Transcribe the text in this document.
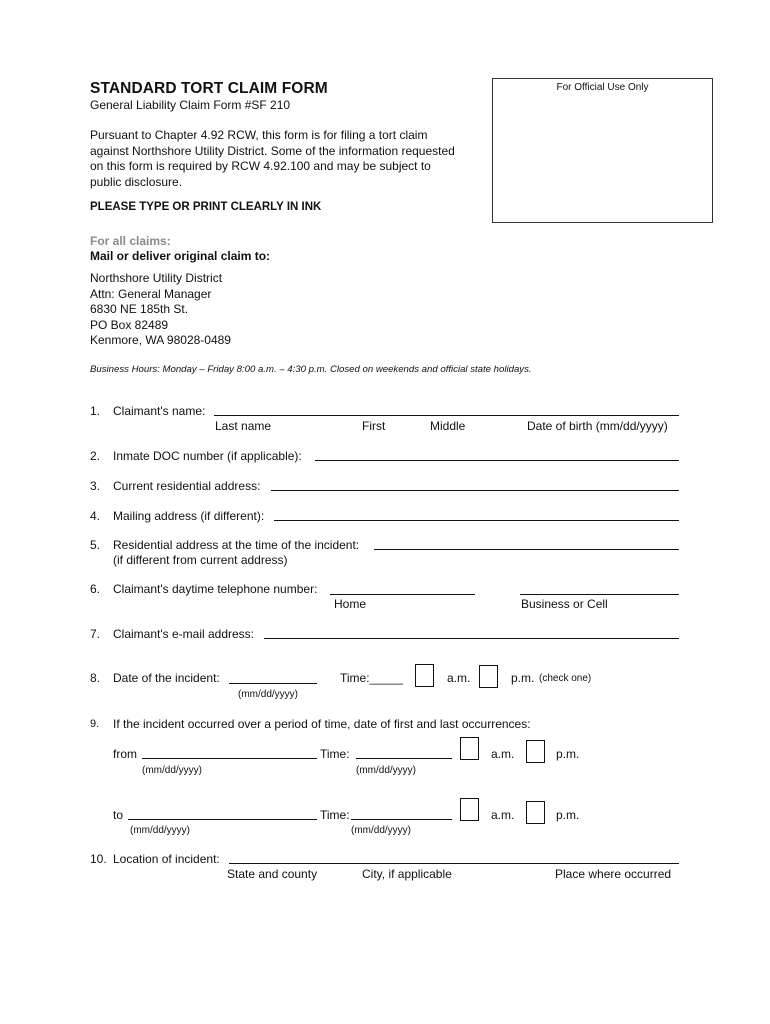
STANDARD TORT CLAIM FORM
General Liability Claim Form #SF 210
Pursuant to Chapter 4.92 RCW, this form is for filing a tort claim
against Northshore Utility District. Some of the information requested
on this form is required by RCW 4.92.100 and may be subject to
public disclosure.
PLEASE TYPE OR PRINT CLEARLY IN INK
For Official Use Only
For all claims:
Mail or deliver original claim to:
Northshore Utility District
Attn: General Manager
6830 NE 185th St.
PO Box 82489
Kenmore, WA 98028-0489
Business Hours: Monday – Friday 8:00 a.m. – 4:30 p.m. Closed on weekends and official state holidays.
1. Claimant's name:
Last name	First	Middle	Date of birth (mm/dd/yyyy)
2. Inmate DOC number (if applicable):
3. Current residential address:
4. Mailing address (if different):
5. Residential address at the time of the incident:
(if different from current address)
6. Claimant's daytime telephone number:
Home	Business or Cell
7. Claimant's e-mail address:
8. Date of the incident:
(mm/dd/yyyy)
Time:_____	a.m.	p.m. (check one)
9. If the incident occurred over a period of time, date of first and last occurrences:
from
(mm/dd/yyyy)
Time:
(mm/dd/yyyy)
a.m.	p.m.
to
(mm/dd/yyyy)
Time:
(mm/dd/yyyy)
a.m.	p.m.
10. Location of incident:
State and county	City, if applicable	Place where occurred
